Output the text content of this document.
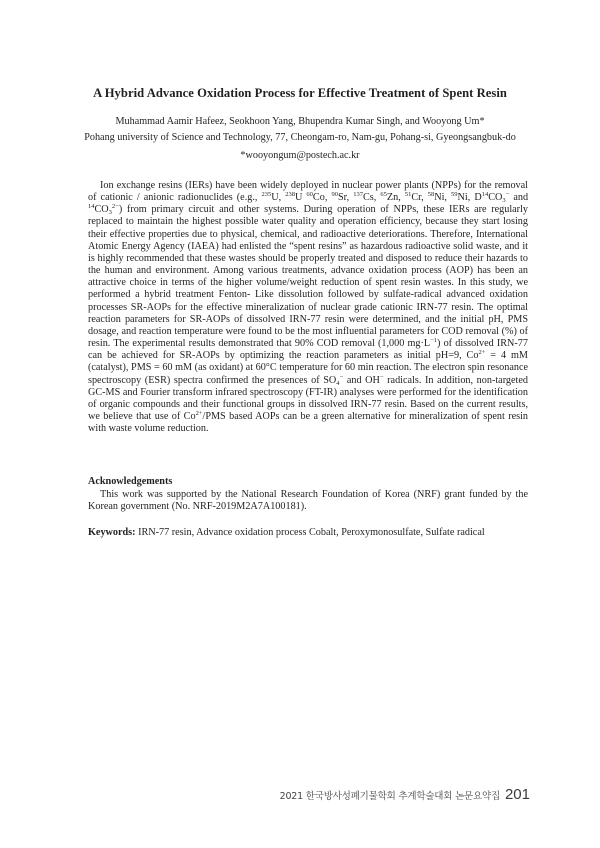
A Hybrid Advance Oxidation Process for Effective Treatment of Spent Resin
Muhammad Aamir Hafeez, Seokhoon Yang, Bhupendra Kumar Singh, and Wooyong Um*
Pohang university of Science and Technology, 77, Cheongam-ro, Nam-gu, Pohang-si, Gyeongsangbuk-do
*wooyongum@postech.ac.kr

Ion exchange resins (IERs) have been widely deployed in nuclear power plants (NPPs) for the removal of cationic / anionic radionuclides (e.g., $^{235}$U, $^{238}$U $^{60}$Co, $^{90}$Sr, $^{137}$Cs, $^{65}$Zn, $^{51}$Cr, $^{58}$Ni, $^{59}$Ni, $D^{14}CO_3^-$ and $^{14}CO_3^{2-}$) from primary circuit and other systems. During operation of NPPs, these IERs are regularly replaced to maintain the highest possible water quality and operation efficiency, because they start losing their effective properties due to physical, chemical, and radioactive deteriorations. Therefore, International Atomic Energy Agency (IAEA) had enlisted the “spent resins” as hazardous radioactive solid waste, and it is highly recommended that these wastes should be properly treated and disposed to reduce their hazards to the human and environment. Among various treatments, advance oxidation process (AOP) has been an attractive choice in terms of the higher volume/weight reduction of spent resin wastes. In this study, we performed a hybrid treatment Fenton- Like dissolution followed by sulfate-radical advanced oxidation processes SR-AOPs for the effective mineralization of nuclear grade cationic IRN-77 resin. The optimal reaction parameters for SR-AOPs of dissolved IRN-77 resin were determined, and the initial pH, PMS dosage, and reaction temperature were found to be the most influential parameters for COD removal (%) of resin. The experimental results demonstrated that 90% COD removal (1,000 $mg\cdot L^{-1}$) of dissolved IRN-77 can be achieved for SR-AOPs by optimizing the reaction parameters as initial pH=9, $Co^{2+} = 4$ mM (catalyst), PMS = 60 mM (as oxidant) at 60°C temperature for 60 min reaction. The electron spin resonance spectroscopy (ESR) spectra confirmed the presences of $SO_4^-$ and OH− radicals. In addition, non-targeted GC-MS and Fourier transform infrared spectroscopy (FT-IR) analyses were performed for the identification of organic compounds and their functional groups in dissolved IRN-77 resin. Based on the current results, we believe that use of $Co^{2+}$/PMS based AOPs can be a green alternative for mineralization of spent resin with waste volume reduction.

Acknowledgements

This work was supported by the National Research Foundation of Korea (NRF) grant funded by the Korean government (No. NRF-2019M2A7A100181).

Keywords: IRN-77 resin, Advance oxidation process Cobalt, Peroxymonosulfate, Sulfate radical

2021 한국방사성폐기물학회 추계학술대회 논문요약집 201
